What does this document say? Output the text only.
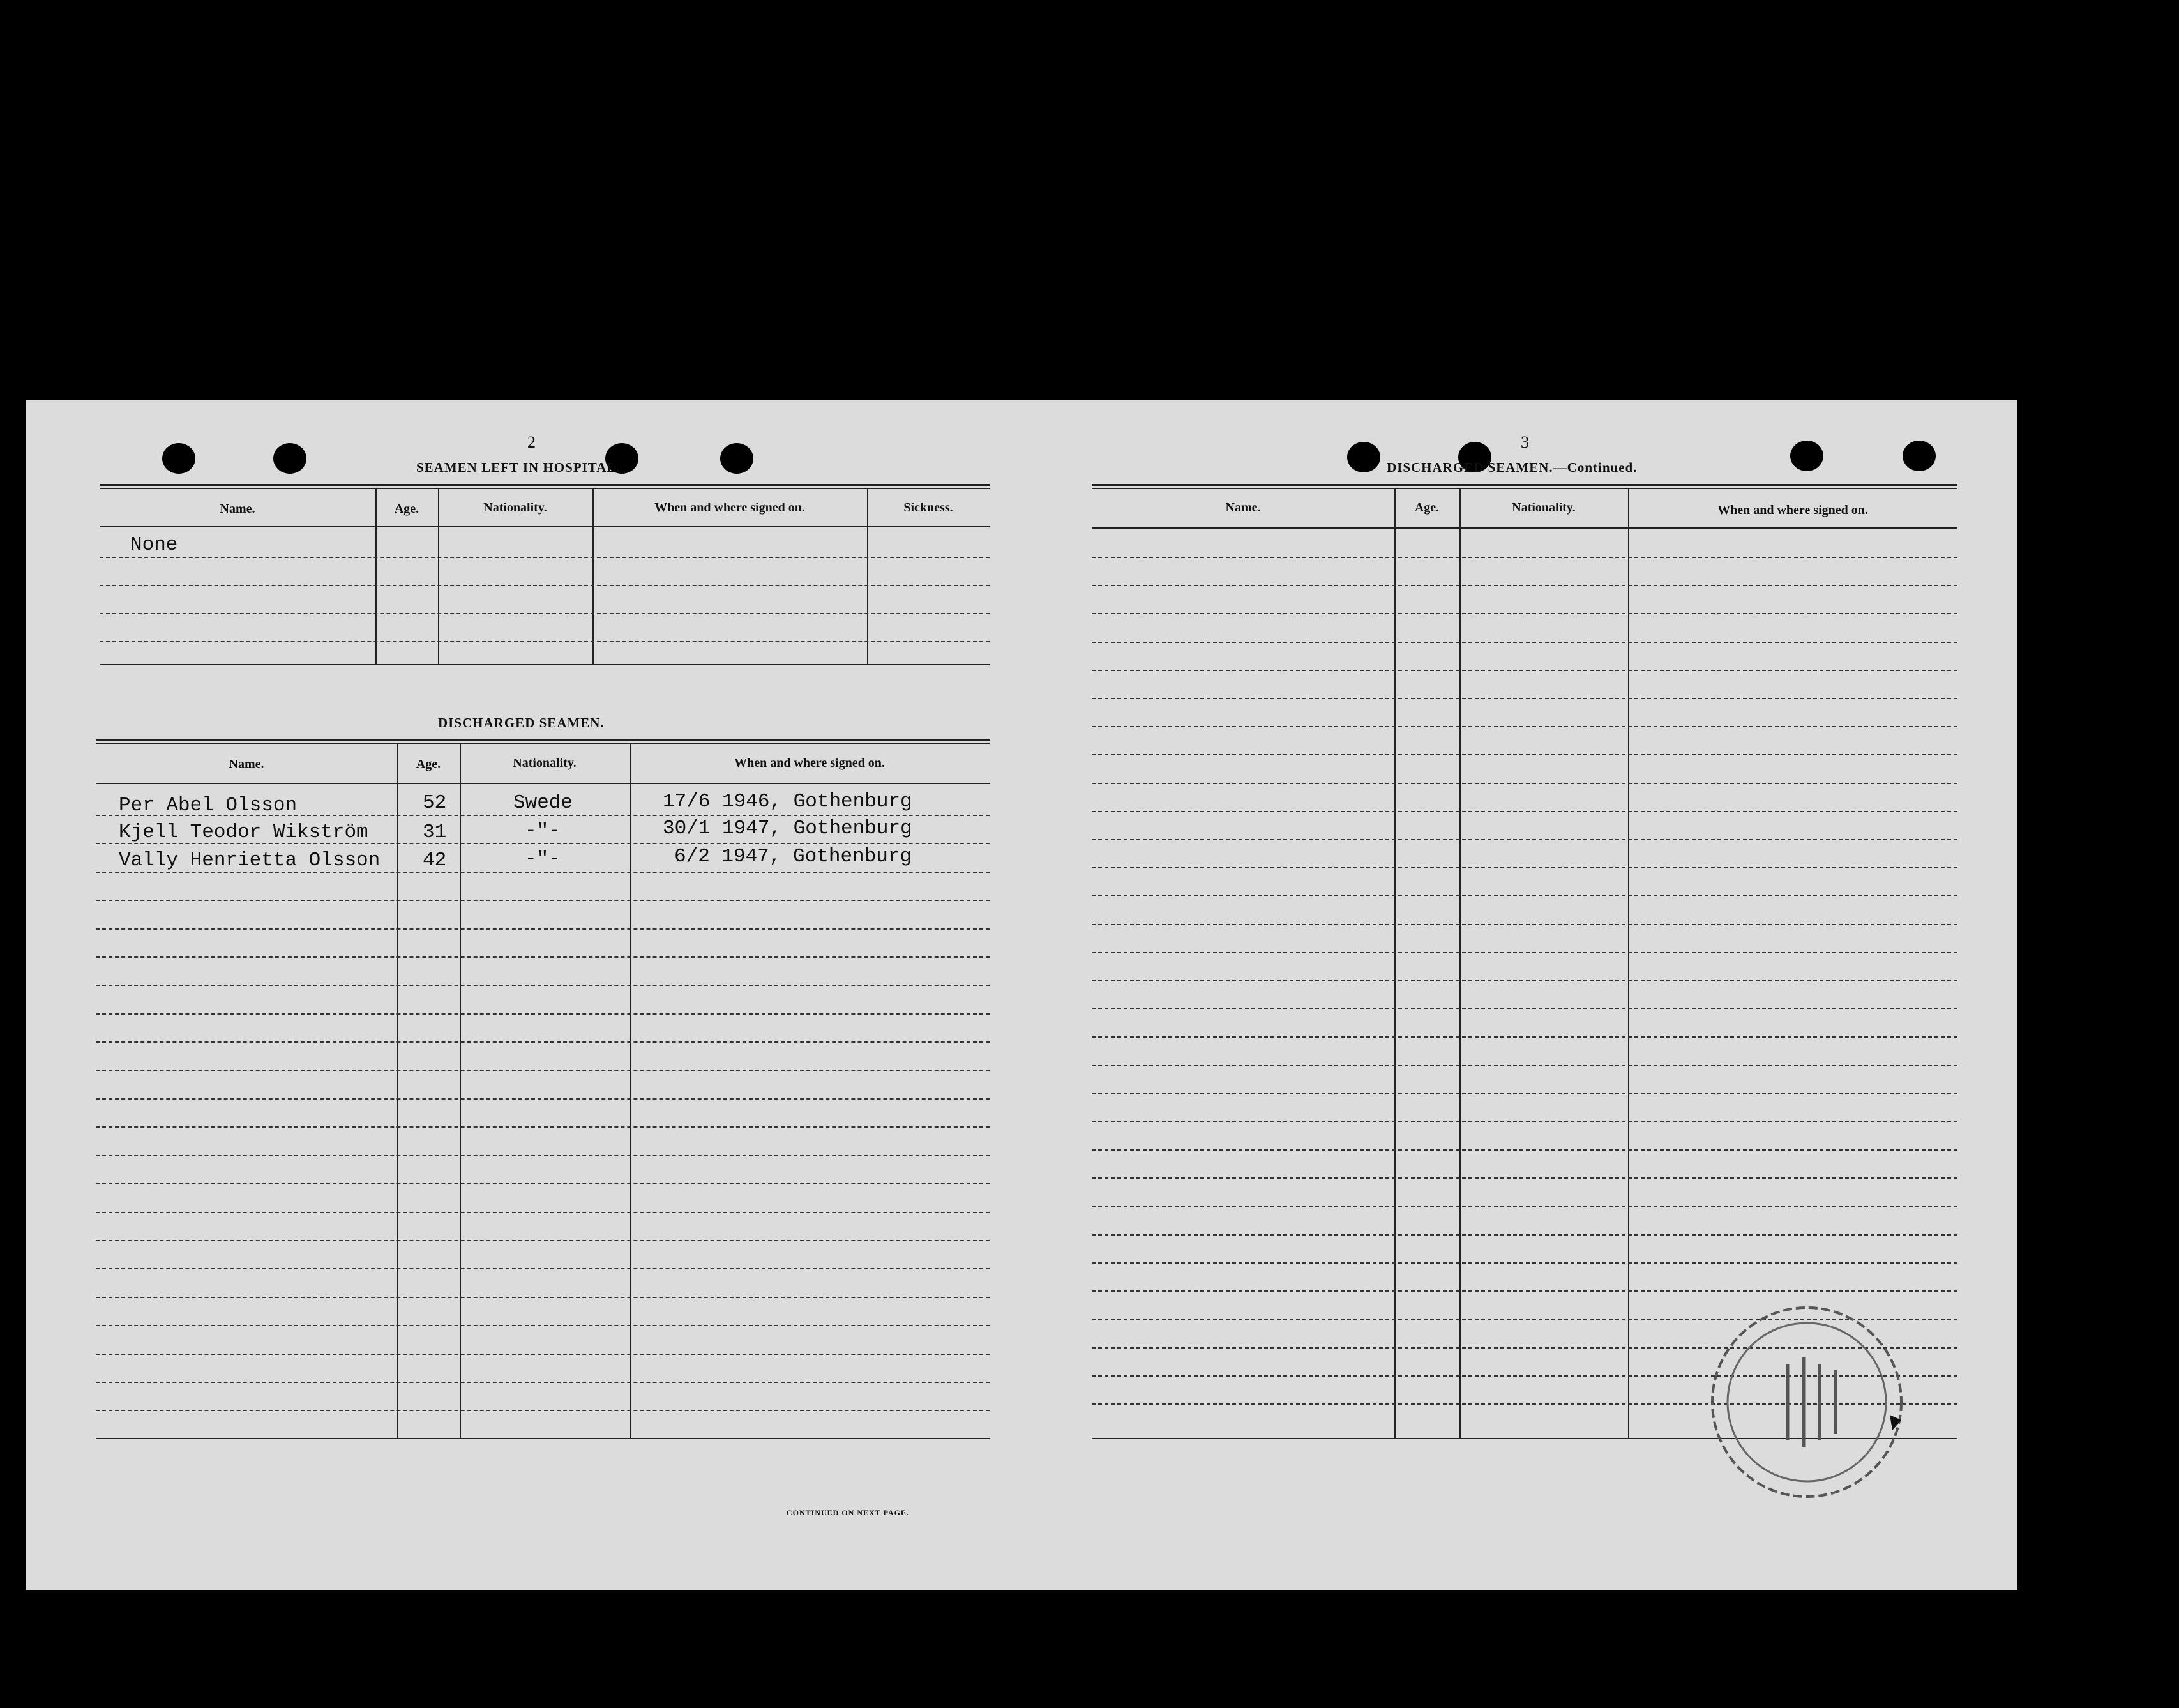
2
SEAMEN LEFT IN HOSPITAL.
Name.	Age.	Nationality.	When and where signed on.	Sickness.
None
DISCHARGED SEAMEN.
Name.	Age.	Nationality.	When and where signed on.
Per Abel Olsson	52	Swede	17/6 1946, Gothenburg
Kjell Teodor Wikström	31	-"-	30/1 1947, Gothenburg
Vally Henrietta Olsson 42	-"-	6/2 1947, Gothenburg
CONTINUED ON NEXT PAGE.
3
DISCHARGED SEAMEN.—Continued.
Name.	Age.	Nationality.	When and where signed on.
